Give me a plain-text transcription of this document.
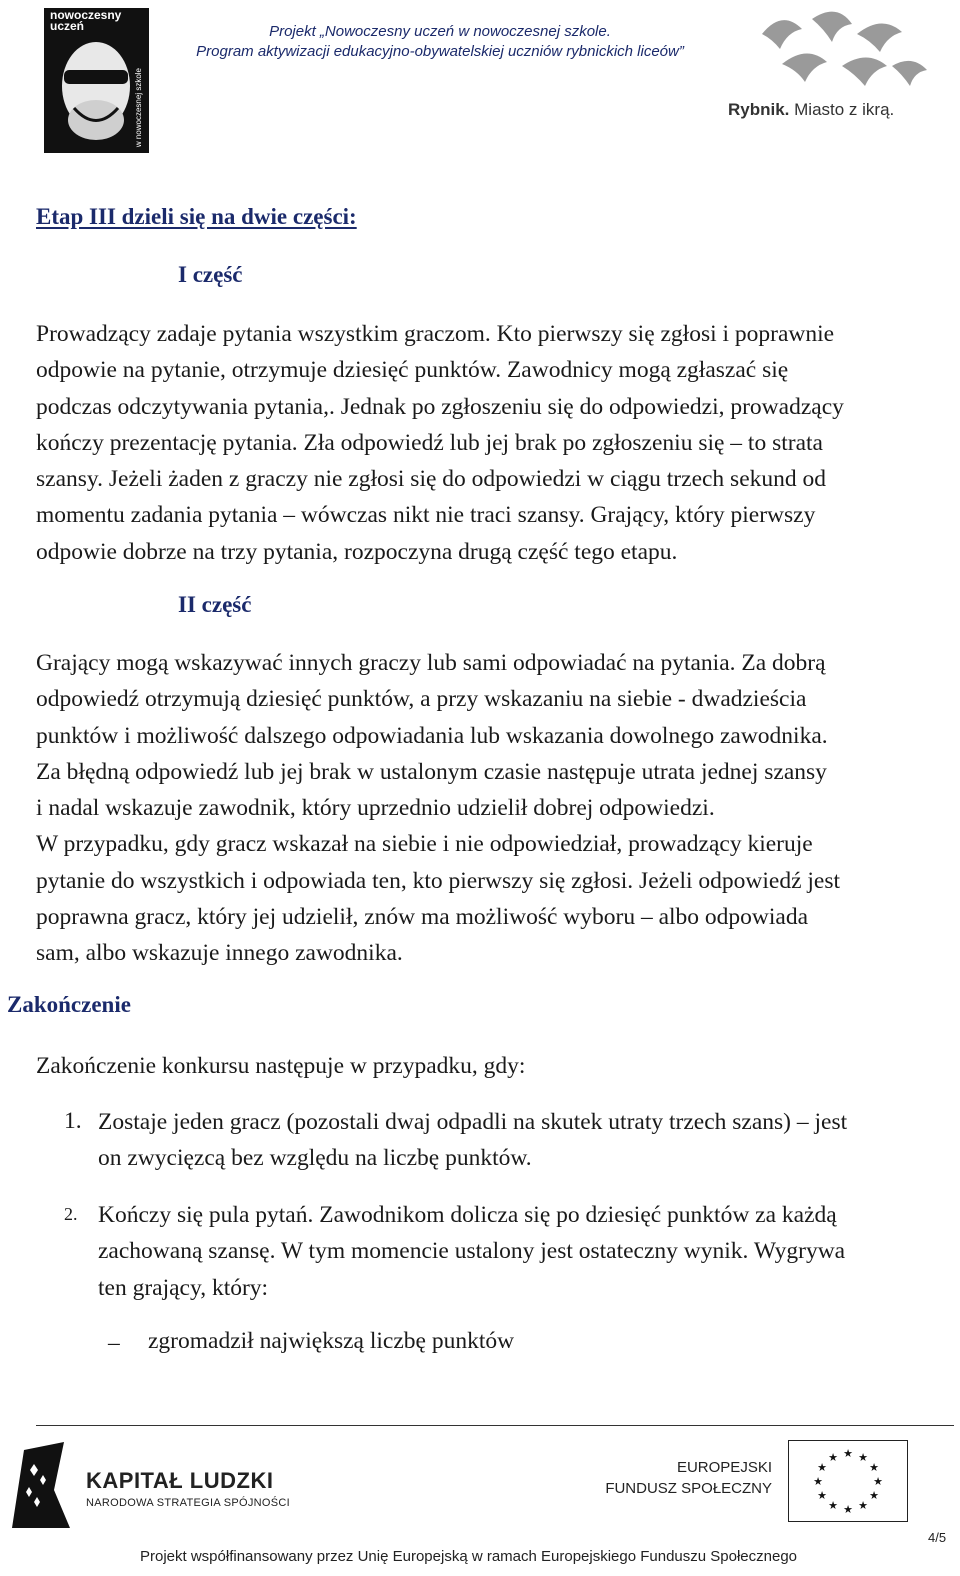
nowoczesny uczeń
w nowoczesnej szkole
Projekt „Nowoczesny uczeń w nowoczesnej szkole.
Program aktywizacji edukacyjno-obywatelskiej uczniów rybnickich liceów”
Rybnik. Miasto z ikrą.
Etap III dzieli się na dwie części:
I część
Prowadzący zadaje pytania wszystkim graczom. Kto pierwszy się zgłosi i poprawnie
odpowie na pytanie, otrzymuje dziesięć punktów. Zawodnicy mogą zgłaszać się
podczas odczytywania pytania,. Jednak po zgłoszeniu się do odpowiedzi, prowadzący
kończy prezentację pytania. Zła odpowiedź lub jej brak po zgłoszeniu się – to strata
szansy. Jeżeli żaden z graczy nie zgłosi się do odpowiedzi w ciągu trzech sekund od
momentu zadania pytania – wówczas nikt nie traci szansy. Grający, który pierwszy
odpowie dobrze na trzy pytania, rozpoczyna drugą część tego etapu.
II część
Grający mogą wskazywać innych graczy lub sami odpowiadać na pytania. Za dobrą
odpowiedź otrzymują dziesięć punktów, a przy wskazaniu na siebie - dwadzieścia
punktów i możliwość dalszego odpowiadania lub wskazania dowolnego zawodnika.
Za błędną odpowiedź lub jej brak w ustalonym czasie następuje utrata jednej szansy
i nadal wskazuje zawodnik, który uprzednio udzielił dobrej odpowiedzi.
W przypadku, gdy gracz wskazał na siebie i nie odpowiedział, prowadzący kieruje
pytanie do wszystkich i odpowiada ten, kto pierwszy się zgłosi. Jeżeli odpowiedź jest
poprawna gracz, który jej udzielił, znów ma możliwość wyboru – albo odpowiada
sam, albo wskazuje innego zawodnika.
Zakończenie
Zakończenie konkursu następuje w przypadku, gdy:
1. Zostaje jeden gracz (pozostali dwaj odpadli na skutek utraty trzech szans) – jest
on zwycięzcą bez względu na liczbę punktów.
2. Kończy się pula pytań. Zawodnikom dolicza się po dziesięć punktów za każdą
zachowaną szansę. W tym momencie ustalony jest ostateczny wynik. Wygrywa
ten grający, który:
– zgromadził największą liczbę punktów
KAPITAŁ LUDZKI
NARODOWA STRATEGIA SPÓJNOŚCI
EUROPEJSKI
FUNDUSZ SPOŁECZNY
★ ★
★
★
★
★
★
★
★
★
★
★
4/5
Projekt współfinansowany przez Unię Europejską w ramach Europejskiego Funduszu Społecznego
